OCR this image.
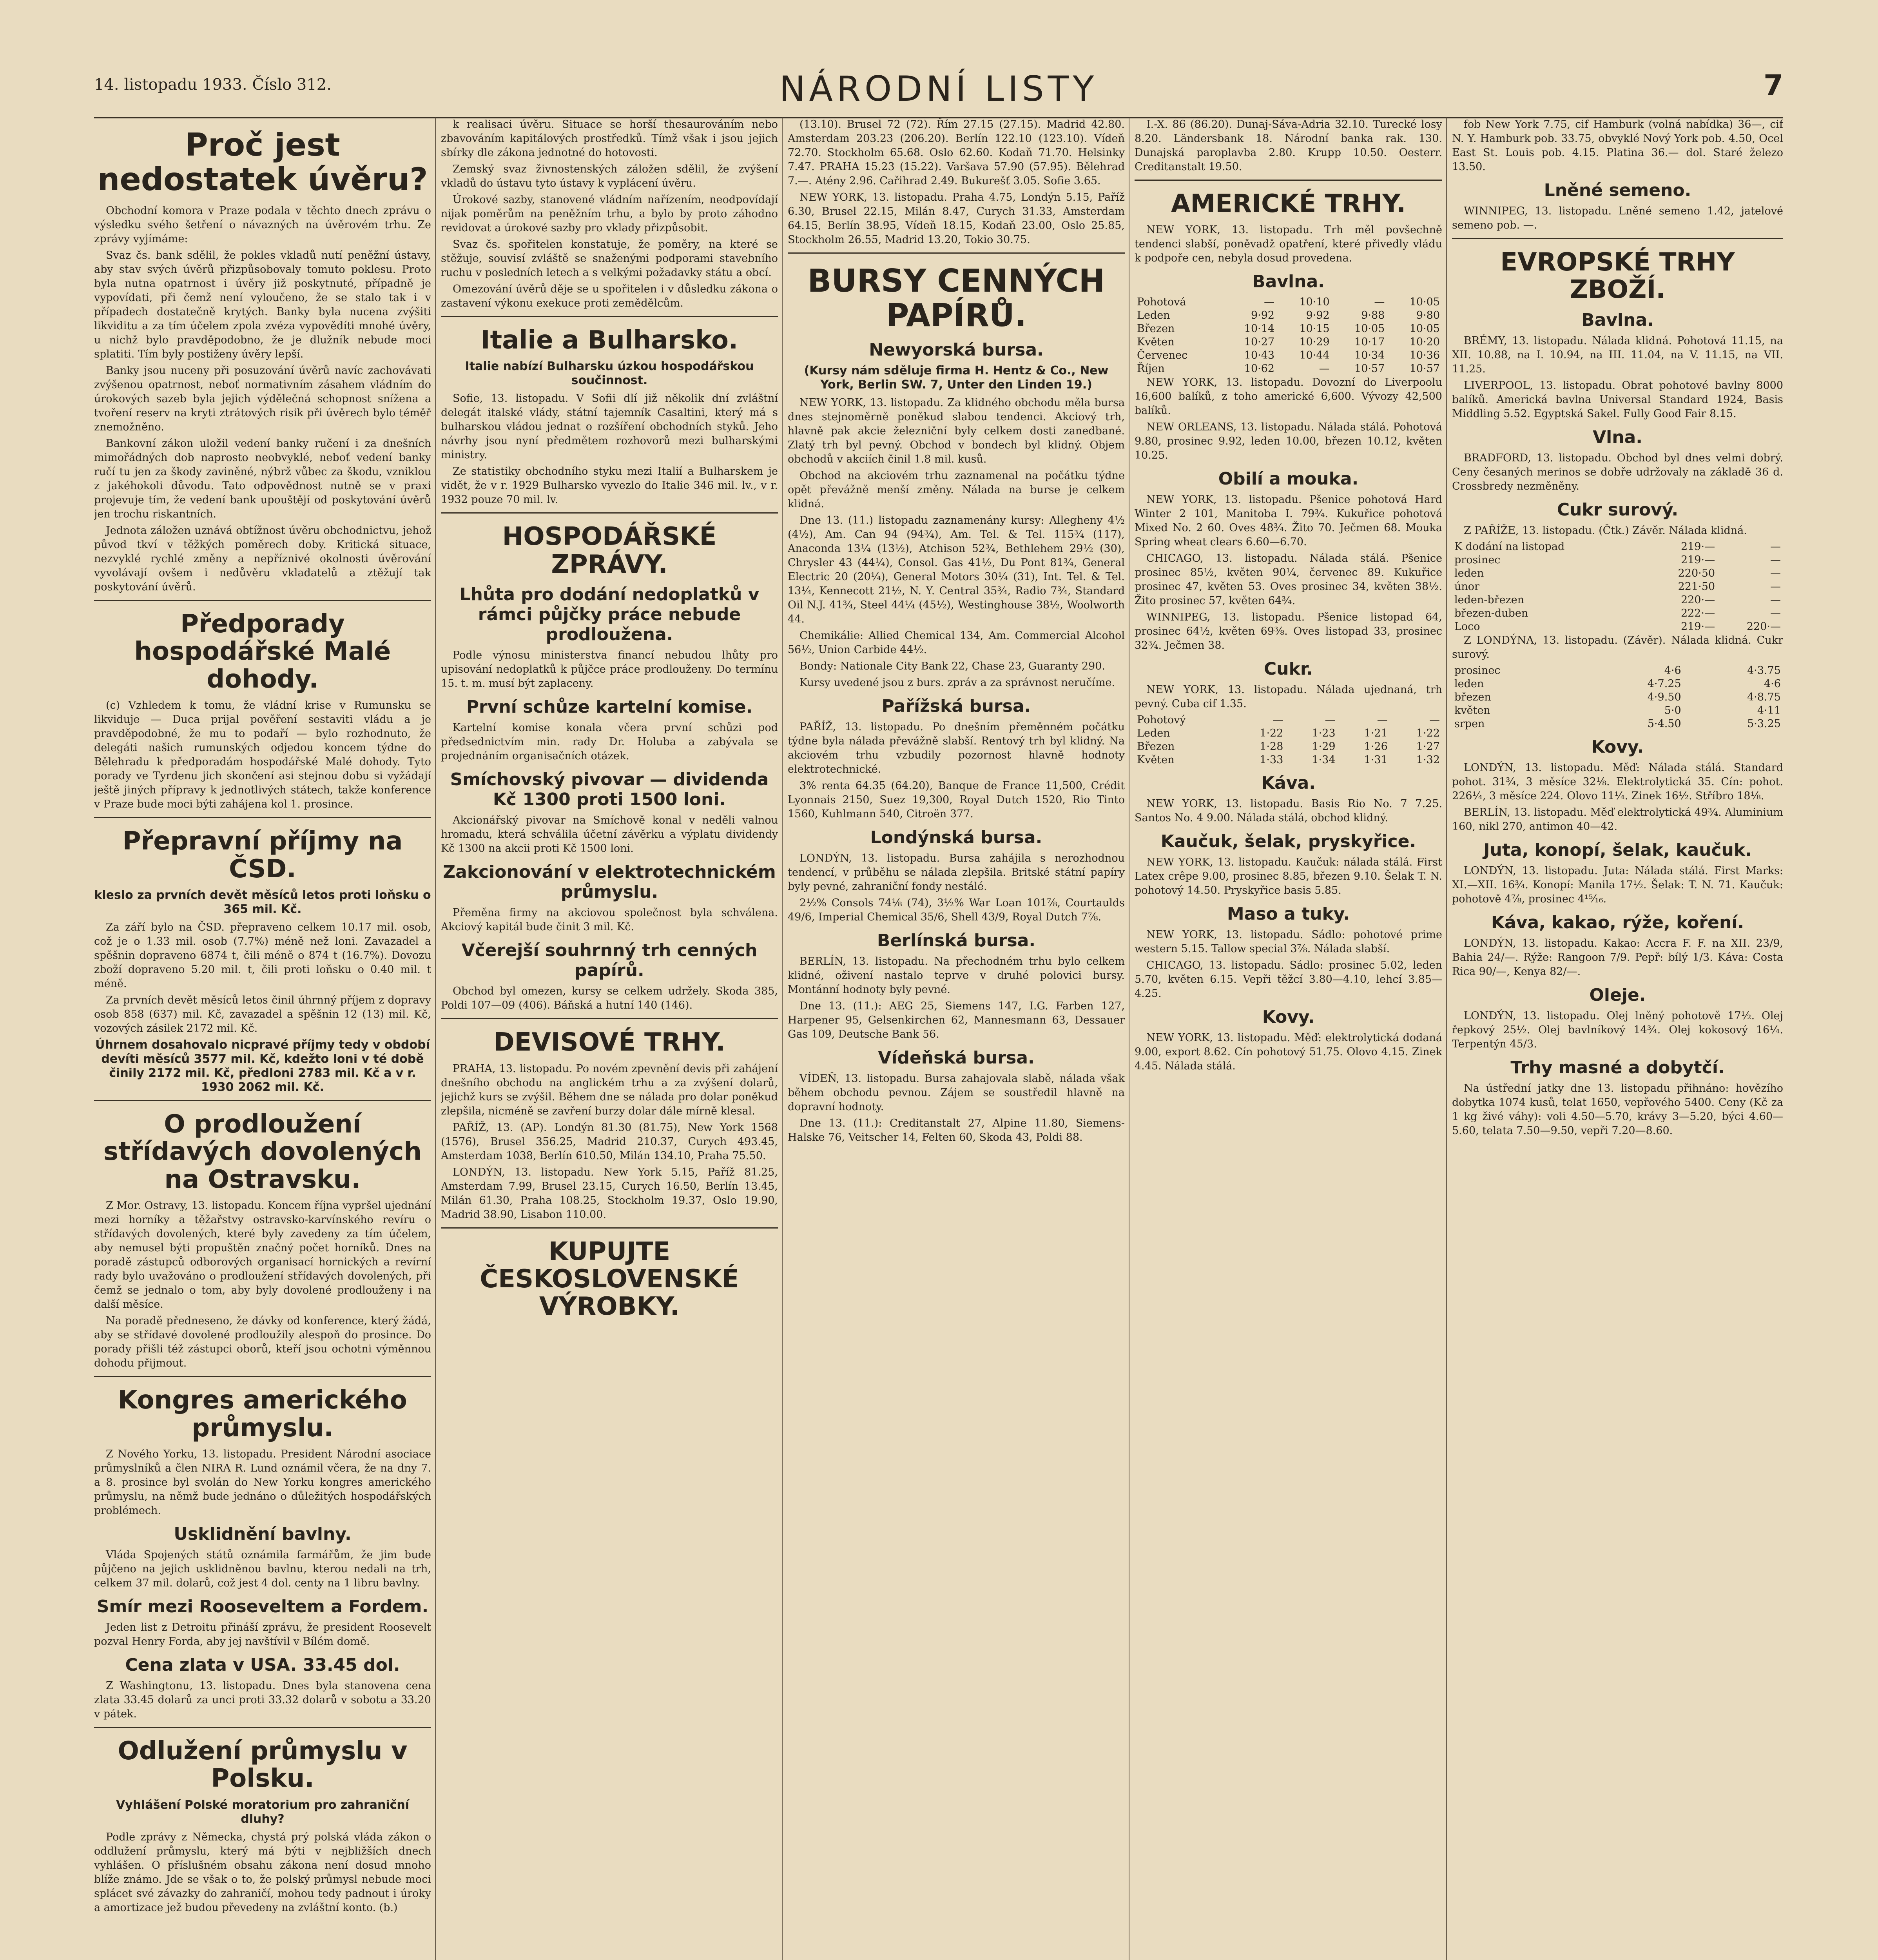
14. listopadu 1933. Číslo 312.	NÁRODNÍ LISTY	7
Proč jest nedostatek úvěru?

Obchodní komora v Praze podala v těchto dnech zprávu o výsledku svého šetření o návazných na úvěrovém trhu. Ze zprávy vyjímáme:

Svaz čs. bank sdělil, že pokles vkladů nutí peněžní ústavy, aby stav svých úvěrů přizpůsobovaly tomuto poklesu. Proto byla nutna opatrnost i úvěry již poskytnuté, případně je vypovídati, při čemž není vyloučeno, že se stalo tak i v případech dostatečně krytých. Banky byla nucena zvýšiti likviditu a za tím účelem zpola zvéza vypovědíti mnohé úvěry, u nichž bylo pravděpodobno, že je dlužník nebude moci splatiti. Tím byly postiženy úvěry lepší.

Banky jsou nuceny při posuzování úvěrů navíc zachovávati zvýšenou opatrnost, neboť normativním zásahem vládním do úrokových sazeb byla jejich výdělečná schopnost snížena a tvoření reserv na kryti ztrátových risik při úvěrech bylo téměř znemožněno.

Bankovní zákon uložil vedení banky ručení i za dnešních mimořádných dob naprosto neobvyklé, neboť vedení banky ručí tu jen za škody zaviněné, nýbrž vůbec za škodu, vzniklou z jakéhokoli důvodu. Tato odpovědnost nutně se v praxi projevuje tím, že vedení bank upouštějí od poskytování úvěrů jen trochu riskantních.

Jednota záložen uznává obtížnost úvěru obchodnictvu, jehož původ tkví v těžkých poměrech doby. Kritická situace, nezvyklé rychlé změny a nepříznivé okolnosti úvěrování vyvolávají ovšem i nedůvěru vkladatelů a ztěžují tak poskytování úvěrů.

Předporady hospodářské Malé dohody.

(c) Vzhledem k tomu, že vládní krise v Rumunsku se likviduje — Duca prijal pověření sestaviti vládu a je pravděpodobné, že mu to podaří — bylo rozhodnuto, že delegáti našich rumunských odjedou koncem týdne do Bělehradu k předporadám hospodářské Malé dohody. Tyto porady ve Tyrdenu jich skončení asi stejnou dobu si vyžádají ještě jiných přípravy k jednotlivých státech, takže konference v Praze bude moci býti zahájena kol 1. prosince.

Přepravní příjmy na ČSD.
kleslo za prvních devět měsíců letos proti loňsku o 365 mil. Kč.

Za září bylo na ČSD. přepraveno celkem 10.17 mil. osob, což je o 1.33 mil. osob (7.7%) méně než loni. Zavazadel a spěšnin dopraveno 6874 t, čili méně o 874 t (16.7%). Dovozu zboží dopraveno 5.20 mil. t, čili proti loňsku o 0.40 mil. t méně.

Za prvních devět měsíců letos činil úhrnný příjem z dopravy osob 858 (637) mil. Kč, zavazadel a spěšnin 12 (13) mil. Kč, vozových zásilek 2172 mil. Kč.

Úhrnem dosahovalo nicpravé příjmy tedy v období devíti měsíců 3577 mil. Kč, kdežto loni v té době činily 2172 mil. Kč, předloni 2783 mil. Kč a v r. 1930 2062 mil. Kč.
O prodloužení střídavých dovolených na Ostravsku.

Z Mor. Ostravy, 13. listopadu. Koncem října vypršel ujednání mezi horníky a těžařstvy ostravsko-karvínského revíru o střídavých dovolených, které byly zavedeny za tím účelem, aby nemusel býti propuštěn značný počet horníků. Dnes na poradě zástupců odborových organisací hornických a revírní rady bylo uvažováno o prodloužení střídavých dovolených, při čemž se jednalo o tom, aby byly dovolené prodlouženy i na další měsíce.

Na poradě předneseno, že dávky od konference, který žádá, aby se střídavé dovolené prodloužily alespoň do prosince. Do porady přišli též zástupci oborů, kteří jsou ochotni výměnnou dohodu přijmout.

Kongres amerického průmyslu.

Z Nového Yorku, 13. listopadu. President Národní asociace průmyslníků a člen NIRA R. Lund oznámil včera, že na dny 7. a 8. prosince byl svolán do New Yorku kongres amerického průmyslu, na němž bude jednáno o důležitých hospodářských problémech.

Usklidnění bavlny.

Vláda Spojených států oznámila farmářům, že jim bude půjčeno na jejich usklidněnou bavlnu, kterou nedali na trh, celkem 37 mil. dolarů, což jest 4 dol. centy na 1 libru bavlny.

Smír mezi Rooseveltem a Fordem.

Jeden list z Detroitu přináší zprávu, že president Roosevelt pozval Henry Forda, aby jej navštívil v Bílém domě.

Cena zlata v USA. 33.45 dol.

Z Washingtonu, 13. listopadu. Dnes byla stanovena cena zlata 33.45 dolarů za unci proti 33.32 dolarů v sobotu a 33.20 v pátek.

Odlužení průmyslu v Polsku.
Vyhlášení Polské moratorium pro zahraniční dluhy?

Podle zprávy z Německa, chystá prý polská vláda zákon o oddlužení průmyslu, který má býti v nejbližších dnech vyhlášen. O příslušném obsahu zákona není dosud mnoho blíže známo. Jde se však o to, že polský průmysl nebude moci splácet své závazky do zahraničí, mohou tedy padnout i úroky a amortizace jež budou převedeny na zvláštní konto. (b.)

k realisaci úvěru. Situace se horší thesaurováním nebo zbavováním kapitálových prostředků. Tímž však i jsou jejich sbírky dle zákona jednotné do hotovosti.

Zemský svaz živnostenských záložen sdělil, že zvýšení vkladů do ústavu tyto ústavy k vyplácení úvěru.

Úrokové sazby, stanovené vládním nařízením, neodpovídají nijak poměrům na peněžním trhu, a bylo by proto záhodno revidovat a úrokové sazby pro vklady přizpůsobit.

Svaz čs. spořitelen konstatuje, že poměry, na které se stěžuje, souvisí zvláště se snaženými podporami stavebního ruchu v posledních letech a s velkými požadavky státu a obcí.

Omezování úvěrů děje se u spořitelen i v důsledku zákona o zastavení výkonu exekuce proti zemědělcům.

Italie a Bulharsko.
Italie nabízí Bulharsku úzkou hospodářskou součinnost.

Sofie, 13. listopadu. V Sofii dlí již několik dní zvláštní delegát italské vlády, státní tajemník Casaltini, který má s bulharskou vládou jednat o rozšíření obchodních styků. Jeho návrhy jsou nyní předmětem rozhovorů mezi bulharskými ministry.

Ze statistiky obchodního styku mezi Italií a Bulharskem je vidět, že v r. 1929 Bulharsko vyvezlo do Italie 346 mil. lv., v r. 1932 pouze 70 mil. lv.

HOSPODÁŘSKÉ ZPRÁVY.
Lhůta pro dodání nedoplatků v rámci půjčky práce nebude prodloužena.

Podle výnosu ministerstva financí nebudou lhůty pro upisování nedoplatků k půjčce práce prodlouženy. Do termínu 15. t. m. musí být zaplaceny.

První schůze kartelní komise.

Kartelní komise konala včera první schůzi pod předsednictvím min. rady Dr. Holuba a zabývala se projednáním organisačních otázek.

Smíchovský pivovar — dividenda Kč 1300 proti 1500 loni.

Akcionářský pivovar na Smíchově konal v neděli valnou hromadu, která schválila účetní závěrku a výplatu dividendy Kč 1300 na akcii proti Kč 1500 loni.

Zakcionování v elektrotechnickém průmyslu.

Přeměna firmy na akciovou společnost byla schválena. Akciový kapitál bude činit 3 mil. Kč.

Včerejší souhrnný trh cenných papírů.

Obchod byl omezen, kursy se celkem udržely. Skoda 385, Poldi 107—09 (406). Báňská a hutní 140 (146).

DEVISOVÉ TRHY.

PRAHA, 13. listopadu. Po novém zpevnění devis při zahájení dnešního obchodu na anglickém trhu a za zvýšení dolarů, jejichž kurs se zvýšil. Během dne se nálada pro dolar poněkud zlepšila, nicméně se zavření burzy dolar dále mírně klesal.

PAŘÍŽ, 13. (AP). Londýn 81.30 (81.75), New York 1568 (1576), Brusel 356.25, Madrid 210.37, Curych 493.45, Amsterdam 1038, Berlín 610.50, Milán 134.10, Praha 75.50.

LONDÝN, 13. listopadu. New York 5.15, Paříž 81.25, Amsterdam 7.99, Brusel 23.15, Curych 16.50, Berlín 13.45, Milán 61.30, Praha 108.25, Stockholm 19.37, Oslo 19.90, Madrid 38.90, Lisabon 110.00.

KUPUJTE ČESKOSLOVENSKÉ VÝROBKY.

(13.10). Brusel 72 (72). Řím 27.15 (27.15). Madrid 42.80. Amsterdam 203.23 (206.20). Berlín 122.10 (123.10). Vídeň 72.70. Stockholm 65.68. Oslo 62.60. Kodaň 71.70. Helsinky 7.47. PRAHA 15.23 (15.22). Varšava 57.90 (57.95). Bělehrad 7.—. Atény 2.96. Cařihrad 2.49. Bukurešť 3.05. Sofie 3.65.

NEW YORK, 13. listopadu. Praha 4.75, Londýn 5.15, Paříž 6.30, Brusel 22.15, Milán 8.47, Curych 31.33, Amsterdam 64.15, Berlín 38.95, Vídeň 18.15, Kodaň 23.00, Oslo 25.85, Stockholm 26.55, Madrid 13.20, Tokio 30.75.

BURSY CENNÝCH PAPÍRŮ.
Newyorská bursa.
(Kursy nám sděluje firma H. Hentz & Co., New York, Berlin SW. 7, Unter den Linden 19.)

NEW YORK, 13. listopadu. Za klidného obchodu měla bursa dnes stejnoměrně poněkud slabou tendenci. Akciový trh, hlavně pak akcie železniční byly celkem dosti zanedbané. Zlatý trh byl pevný. Obchod v bondech byl klidný. Objem obchodů v akciích činil 1.8 mil. kusů.

Obchod na akciovém trhu zaznamenal na počátku týdne opět převážně menší změny. Nálada na burse je celkem klidná.

Dne 13. (11.) listopadu zaznamenány kursy: Allegheny 4½ (4½), Am. Can 94 (94¾), Am. Tel. & Tel. 115¾ (117), Anaconda 13¼ (13½), Atchison 52¾, Bethlehem 29½ (30), Chrysler 43 (44¼), Consol. Gas 41½, Du Pont 81¾, General Electric 20 (20¼), General Motors 30¼ (31), Int. Tel. & Tel. 13¼, Kennecott 21½, N. Y. Central 35¾, Radio 7¾, Standard Oil N.J. 41¾, Steel 44¼ (45½), Westinghouse 38½, Woolworth 44.

Chemikálie: Allied Chemical 134, Am. Commercial Alcohol 56½, Union Carbide 44½.

Bondy: Nationale City Bank 22, Chase 23, Guaranty 290.

Kursy uvedené jsou z burs. zpráv a za správnost neručíme.

Pařížská bursa.

PAŘÍŽ, 13. listopadu. Po dnešním přeměnném počátku týdne byla nálada převážně slabší. Rentový trh byl klidný. Na akciovém trhu vzbudily pozornost hlavně hodnoty elektrotechnické.

3% renta 64.35 (64.20), Banque de France 11,500, Crédit Lyonnais 2150, Suez 19,300, Royal Dutch 1520, Rio Tinto 1560, Kuhlmann 540, Citroën 377.

Londýnská bursa.

LONDÝN, 13. listopadu. Bursa zahájila s nerozhodnou tendencí, v průběhu se nálada zlepšila. Britské státní papíry byly pevné, zahraniční fondy nestálé.

2½% Consols 74⅛ (74), 3½% War Loan 101⅞, Courtaulds 49/6, Imperial Chemical 35/6, Shell 43/9, Royal Dutch 7⅞.

Berlínská bursa.

BERLÍN, 13. listopadu. Na přechodném trhu bylo celkem klidné, oživení nastalo teprve v druhé polovici bursy. Montánní hodnoty byly pevné.

Dne 13. (11.): AEG 25, Siemens 147, I.G. Farben 127, Harpener 95, Gelsenkirchen 62, Mannesmann 63, Dessauer Gas 109, Deutsche Bank 56.

Vídeňská bursa.

VÍDEŇ, 13. listopadu. Bursa zahajovala slabě, nálada však během obchodu pevnou. Zájem se soustředil hlavně na dopravní hodnoty.

Dne 13. (11.): Creditanstalt 27, Alpine 11.80, Siemens-Halske 76, Veitscher 14, Felten 60, Skoda 43, Poldi 88.

I.-X. 86 (86.20). Dunaj-Sáva-Adria 32.10. Turecké losy 8.20. Ländersbank 18. Národní banka rak. 130. Dunajská paroplavba 2.80. Krupp 10.50. Oesterr. Creditanstalt 19.50.

AMERICKÉ TRHY.

NEW YORK, 13. listopadu. Trh měl povšechně tendenci slabší, poněvadž opatření, které přivedly vládu k podpoře cen, nebyla dosud provedena.

Bavlna.
Pohotová	—	10·10	—	10·05
Leden	9·92	9·92	9·88	9·80
Březen	10·14	10·15	10·05	10·05
Květen	10·27	10·29	10·17	10·20
Červenec	10·43	10·44	10·34	10·36
Říjen	10·62	—	10·57	10·57

NEW YORK, 13. listopadu. Dovozní do Liverpoolu 16,600 balíků, z toho americké 6,600. Vývozy 42,500 balíků.

NEW ORLEANS, 13. listopadu. Nálada stálá. Pohotová 9.80, prosinec 9.92, leden 10.00, březen 10.12, květen 10.25.

Obilí a mouka.

NEW YORK, 13. listopadu. Pšenice pohotová Hard Winter 2 101, Manitoba I. 79¾. Kukuřice pohotová Mixed No. 2 60. Oves 48¾. Žito 70. Ječmen 68. Mouka Spring wheat clears 6.60—6.70.

CHICAGO, 13. listopadu. Nálada stálá. Pšenice prosinec 85½, květen 90¼, červenec 89. Kukuřice prosinec 47, květen 53. Oves prosinec 34, květen 38½. Žito prosinec 57, květen 64¾.

WINNIPEG, 13. listopadu. Pšenice listopad 64, prosinec 64½, květen 69⅜. Oves listopad 33, prosinec 32¾. Ječmen 38.

Cukr.

NEW YORK, 13. listopadu. Nálada ujednaná, trh pevný. Cuba cif 1.35.

Pohotový	—	—	—	—
Leden	1·22	1·23	1·21	1·22
Březen	1·28	1·29	1·26	1·27
Květen	1·33	1·34	1·31	1·32
Káva.

NEW YORK, 13. listopadu. Basis Rio No. 7 7.25. Santos No. 4 9.00. Nálada stálá, obchod klidný.

Kaučuk, šelak, pryskyřice.

NEW YORK, 13. listopadu. Kaučuk: nálada stálá. First Latex crêpe 9.00, prosinec 8.85, březen 9.10. Šelak T. N. pohotový 14.50. Pryskyřice basis 5.85.

Maso a tuky.

NEW YORK, 13. listopadu. Sádlo: pohotové prime western 5.15. Tallow special 3⅞. Nálada slabší.

CHICAGO, 13. listopadu. Sádlo: prosinec 5.02, leden 5.70, květen 6.15. Vepři těžcí 3.80—4.10, lehcí 3.85—4.25.

Kovy.

NEW YORK, 13. listopadu. Měď: elektrolytická dodaná 9.00, export 8.62. Cín pohotový 51.75. Olovo 4.15. Zinek 4.45. Nálada stálá.

fob New York 7.75, cif Hamburk (volná nabídka) 36—, cif N. Y. Hamburk pob. 33.75, obvyklé Nový York pob. 4.50, Ocel East St. Louis pob. 4.15. Platina 36.— dol. Staré železo 13.50.

Lněné semeno.

WINNIPEG, 13. listopadu. Lněné semeno 1.42, jatelové semeno pob. —.

EVROPSKÉ TRHY ZBOŽÍ.
Bavlna.

BRÉMY, 13. listopadu. Nálada klidná. Pohotová 11.15, na XII. 10.88, na I. 10.94, na III. 11.04, na V. 11.15, na VII. 11.25.

LIVERPOOL, 13. listopadu. Obrat pohotové bavlny 8000 balíků. Americká bavlna Universal Standard 1924, Basis Middling 5.52. Egyptská Sakel. Fully Good Fair 8.15.

Vlna.

BRADFORD, 13. listopadu. Obchod byl dnes velmi dobrý. Ceny česaných merinos se dobře udržovaly na základě 36 d. Crossbredy nezměněny.

Cukr surový.

Z PAŘÍŽE, 13. listopadu. (Čtk.) Závěr. Nálada klidná.

K dodání na listopad	219·—	—
prosinec	219·—	—
leden	220·50	—
únor	221·50	—
leden-březen	220·—	—
březen-duben	222·—	—
Loco	219·—	220·—

Z LONDÝNA, 13. listopadu. (Závěr). Nálada klidná. Cukr surový.

prosinec	4·6	4·3.75
leden	4·7.25	4·6
březen	4·9.50	4·8.75
květen	5·0	4·11
srpen	5·4.50	5·3.25
Kovy.

LONDÝN, 13. listopadu. Měď: Nálada stálá. Standard pohot. 31¾, 3 měsíce 32⅛. Elektrolytická 35. Cín: pohot. 226¼, 3 měsíce 224. Olovo 11¼. Zinek 16½. Stříbro 18⅛.

BERLÍN, 13. listopadu. Měď elektrolytická 49¾. Aluminium 160, nikl 270, antimon 40—42.

Juta, konopí, šelak, kaučuk.

LONDÝN, 13. listopadu. Juta: Nálada stálá. First Marks: XI.—XII. 16¾. Konopí: Manila 17½. Šelak: T. N. 71. Kaučuk: pohotově 4⅞, prosinec 4¹⁵⁄₁₆.

Káva, kakao, rýže, koření.

LONDÝN, 13. listopadu. Kakao: Accra F. F. na XII. 23/9, Bahia 24/—. Rýže: Rangoon 7/9. Pepř: bílý 1/3. Káva: Costa Rica 90/—, Kenya 82/—.

Oleje.

LONDÝN, 13. listopadu. Olej lněný pohotově 17½. Olej řepkový 25½. Olej bavlníkový 14¾. Olej kokosový 16¼. Terpentýn 45/3.

Trhy masné a dobytčí.

Na ústřední jatky dne 13. listopadu přihnáno: hovězího dobytka 1074 kusů, telat 1650, vepřového 5400. Ceny (Kč za 1 kg živé váhy): voli 4.50—5.70, krávy 3—5.20, býci 4.60—5.60, telata 7.50—9.50, vepři 7.20—8.60.
